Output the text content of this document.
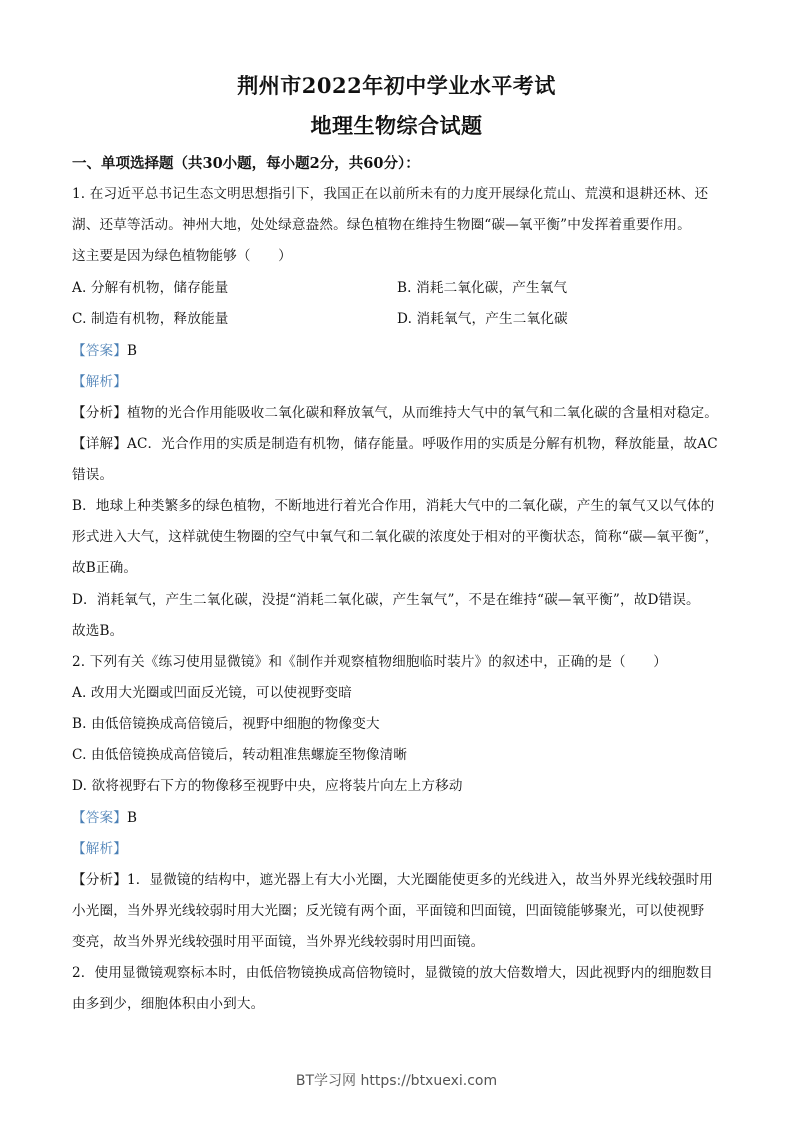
荆州市2022年初中学业水平考试
地理生物综合试题
一、单项选择题（共30小题，每小题2分，共60分）：
1. 在习近平总书记生态文明思想指引下，我国正在以前所未有的力度开展绿化荒山、荒漠和退耕还林、还
湖、还草等活动。神州大地，处处绿意盎然。绿色植物在维持生物圈“碳—氧平衡”中发挥着重要作用。
这主要是因为绿色植物能够（　　）
A. 分解有机物，储存能量	B. 消耗二氧化碳，产生氧气
C. 制造有机物，释放能量	D. 消耗氧气，产生二氧化碳
【答案】B
【解析】
【分析】植物的光合作用能吸收二氧化碳和释放氧气，从而维持大气中的氧气和二氧化碳的含量相对稳定。
【详解】AC．光合作用的实质是制造有机物，储存能量。呼吸作用的实质是分解有机物，释放能量，故AC
错误。
B．地球上种类繁多的绿色植物，不断地进行着光合作用，消耗大气中的二氧化碳，产生的氧气又以气体的
形式进入大气，这样就使生物圈的空气中氧气和二氧化碳的浓度处于相对的平衡状态，简称“碳—氧平衡”，
故B正确。
D．消耗氧气，产生二氧化碳，没提“消耗二氧化碳，产生氧气”，不是在维持“碳—氧平衡”，故D错误。
故选B。
2. 下列有关《练习使用显微镜》和《制作并观察植物细胞临时装片》的叙述中，正确的是（　　）
A. 改用大光圈或凹面反光镜，可以使视野变暗
B. 由低倍镜换成高倍镜后，视野中细胞的物像变大
C. 由低倍镜换成高倍镜后，转动粗准焦螺旋至物像清晰
D. 欲将视野右下方的物像移至视野中央，应将装片向左上方移动
【答案】B
【解析】
【分析】1．显微镜的结构中，遮光器上有大小光圈，大光圈能使更多的光线进入，故当外界光线较强时用
小光圈，当外界光线较弱时用大光圈；反光镜有两个面，平面镜和凹面镜，凹面镜能够聚光，可以使视野
变亮，故当外界光线较强时用平面镜，当外界光线较弱时用凹面镜。
2．使用显微镜观察标本时，由低倍物镜换成高倍物镜时，显微镜的放大倍数增大，因此视野内的细胞数目
由多到少，细胞体积由小到大。
BT学习网 https://btxuexi.com
